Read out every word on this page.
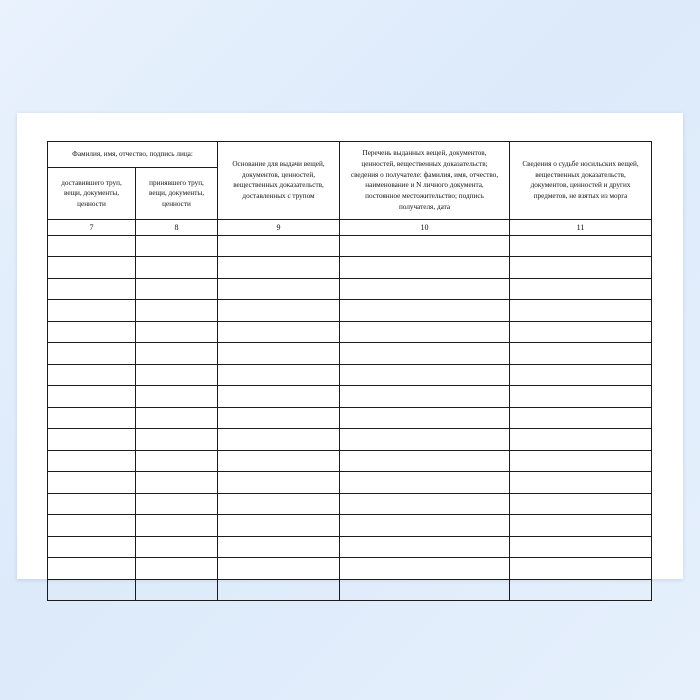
Фамилия, имя, отчество, подпись лица:		Основание для выдачи вещей, документов, ценностей, вещественных доказательств, доставленных с трупом	Перечень выданных вещей, документов, ценностей, вещественных доказательств; сведения о получателе: фамилия, имя, отчество, наименование и N личного документа, постоянное местожительство; подпись получателя, дата	Сведения о судьбе носильских вещей, вещественных доказательств, документов, ценностей и других предметов, не взятых из морга
доставившего труп, вещи, документы, ценности	принявшего труп, вещи, документы, ценности			
7	8	9	10	11
